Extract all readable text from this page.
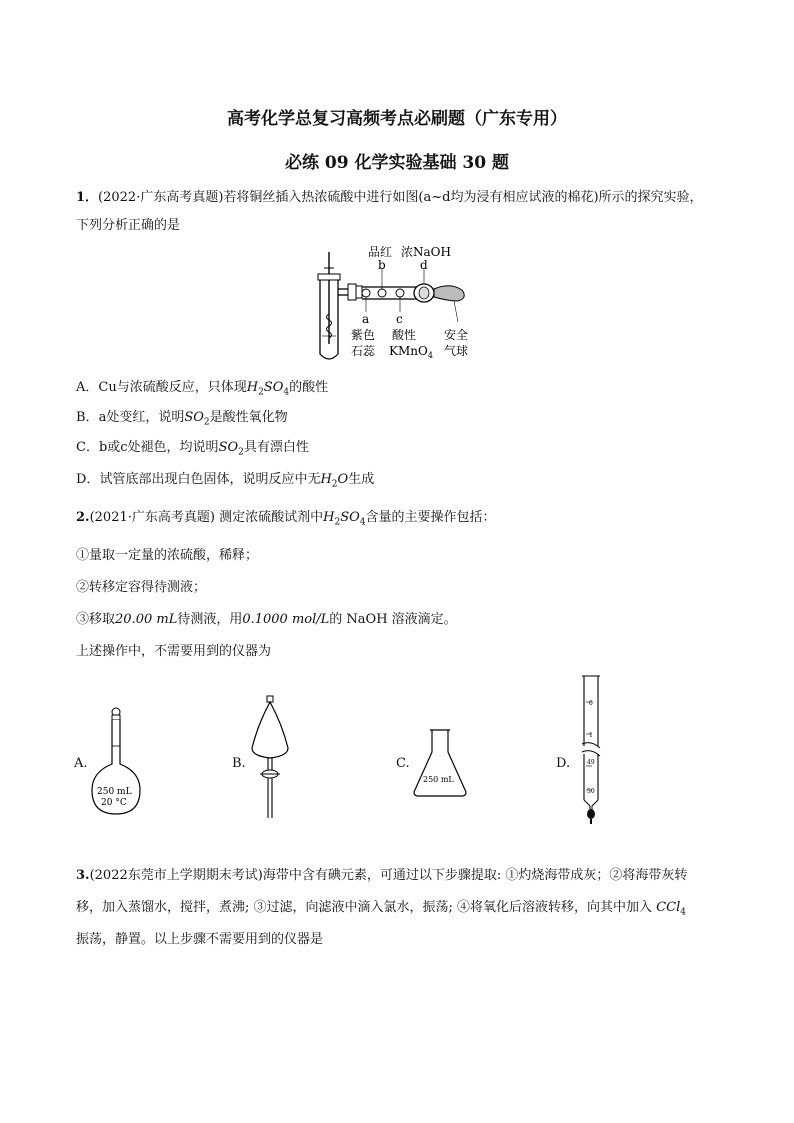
高考化学总复习高频考点必刷题（广东专用）
必练 09 化学实验基础 30 题
1．(2022·广东高考真题)若将铜丝插入热浓硫酸中进行如图(a~d均为浸有相应试液的棉花)所示的探究实验，
下列分析正确的是
品红 浓NaOH
b	d
a c
紫色
石蕊
酸性
KMnO$_4$
安全
气球
A．Cu与浓硫酸反应，只体现$H_2SO_4$的酸性
B．a处变红，说明$SO_2$是酸性氧化物
C．b或c处褪色，均说明$SO_2$具有漂白性
D．试管底部出现白色固体，说明反应中无$H_2O$生成
2.(2021·广东高考真题) 测定浓硫酸试剂中$H_2SO_4$含量的主要操作包括：
①量取一定量的浓硫酸，稀释；
②转移定容得待测液；
③移取20.00 mL待测液，用0.1000 mol/L的 NaOH 溶液滴定。
上述操作中，不需要用到的仪器为
A.
250 mL
20 °C
B.	C.
250 mL
D.
0
1
49
50
3.(2022东莞市上学期期末考试)海带中含有碘元素，可通过以下步骤提取: ①灼烧海带成灰；②将海带灰转
移，加入蒸馏水，搅拌，煮沸; ③过滤，向滤液中滴入氯水，振荡; ④将氧化后溶液转移，向其中加入 CCl$_4$
振荡，静置。以上步骤不需要用到的仪器是
